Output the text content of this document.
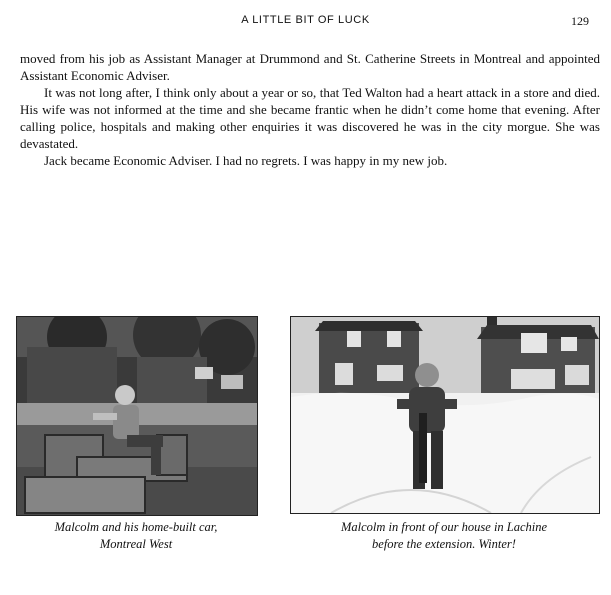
A LITTLE BIT OF LUCK	129

moved from his job as Assistant Manager at Drummond and St. Catherine Streets in Montreal and appointed Assistant Economic Adviser.

It was not long after, I think only about a year or so, that Ted Walton had a heart attack in a store and died. His wife was not informed at the time and she became frantic when he didn’t come home that evening. After calling police, hospitals and making other enquiries it was discovered he was in the city morgue. She was devastated.

Jack became Economic Adviser. I had no regrets. I was happy in my new job.

Malcolm and his home-built car,
Montreal West
Malcolm in front of our house in Lachine
before the extension. Winter!
